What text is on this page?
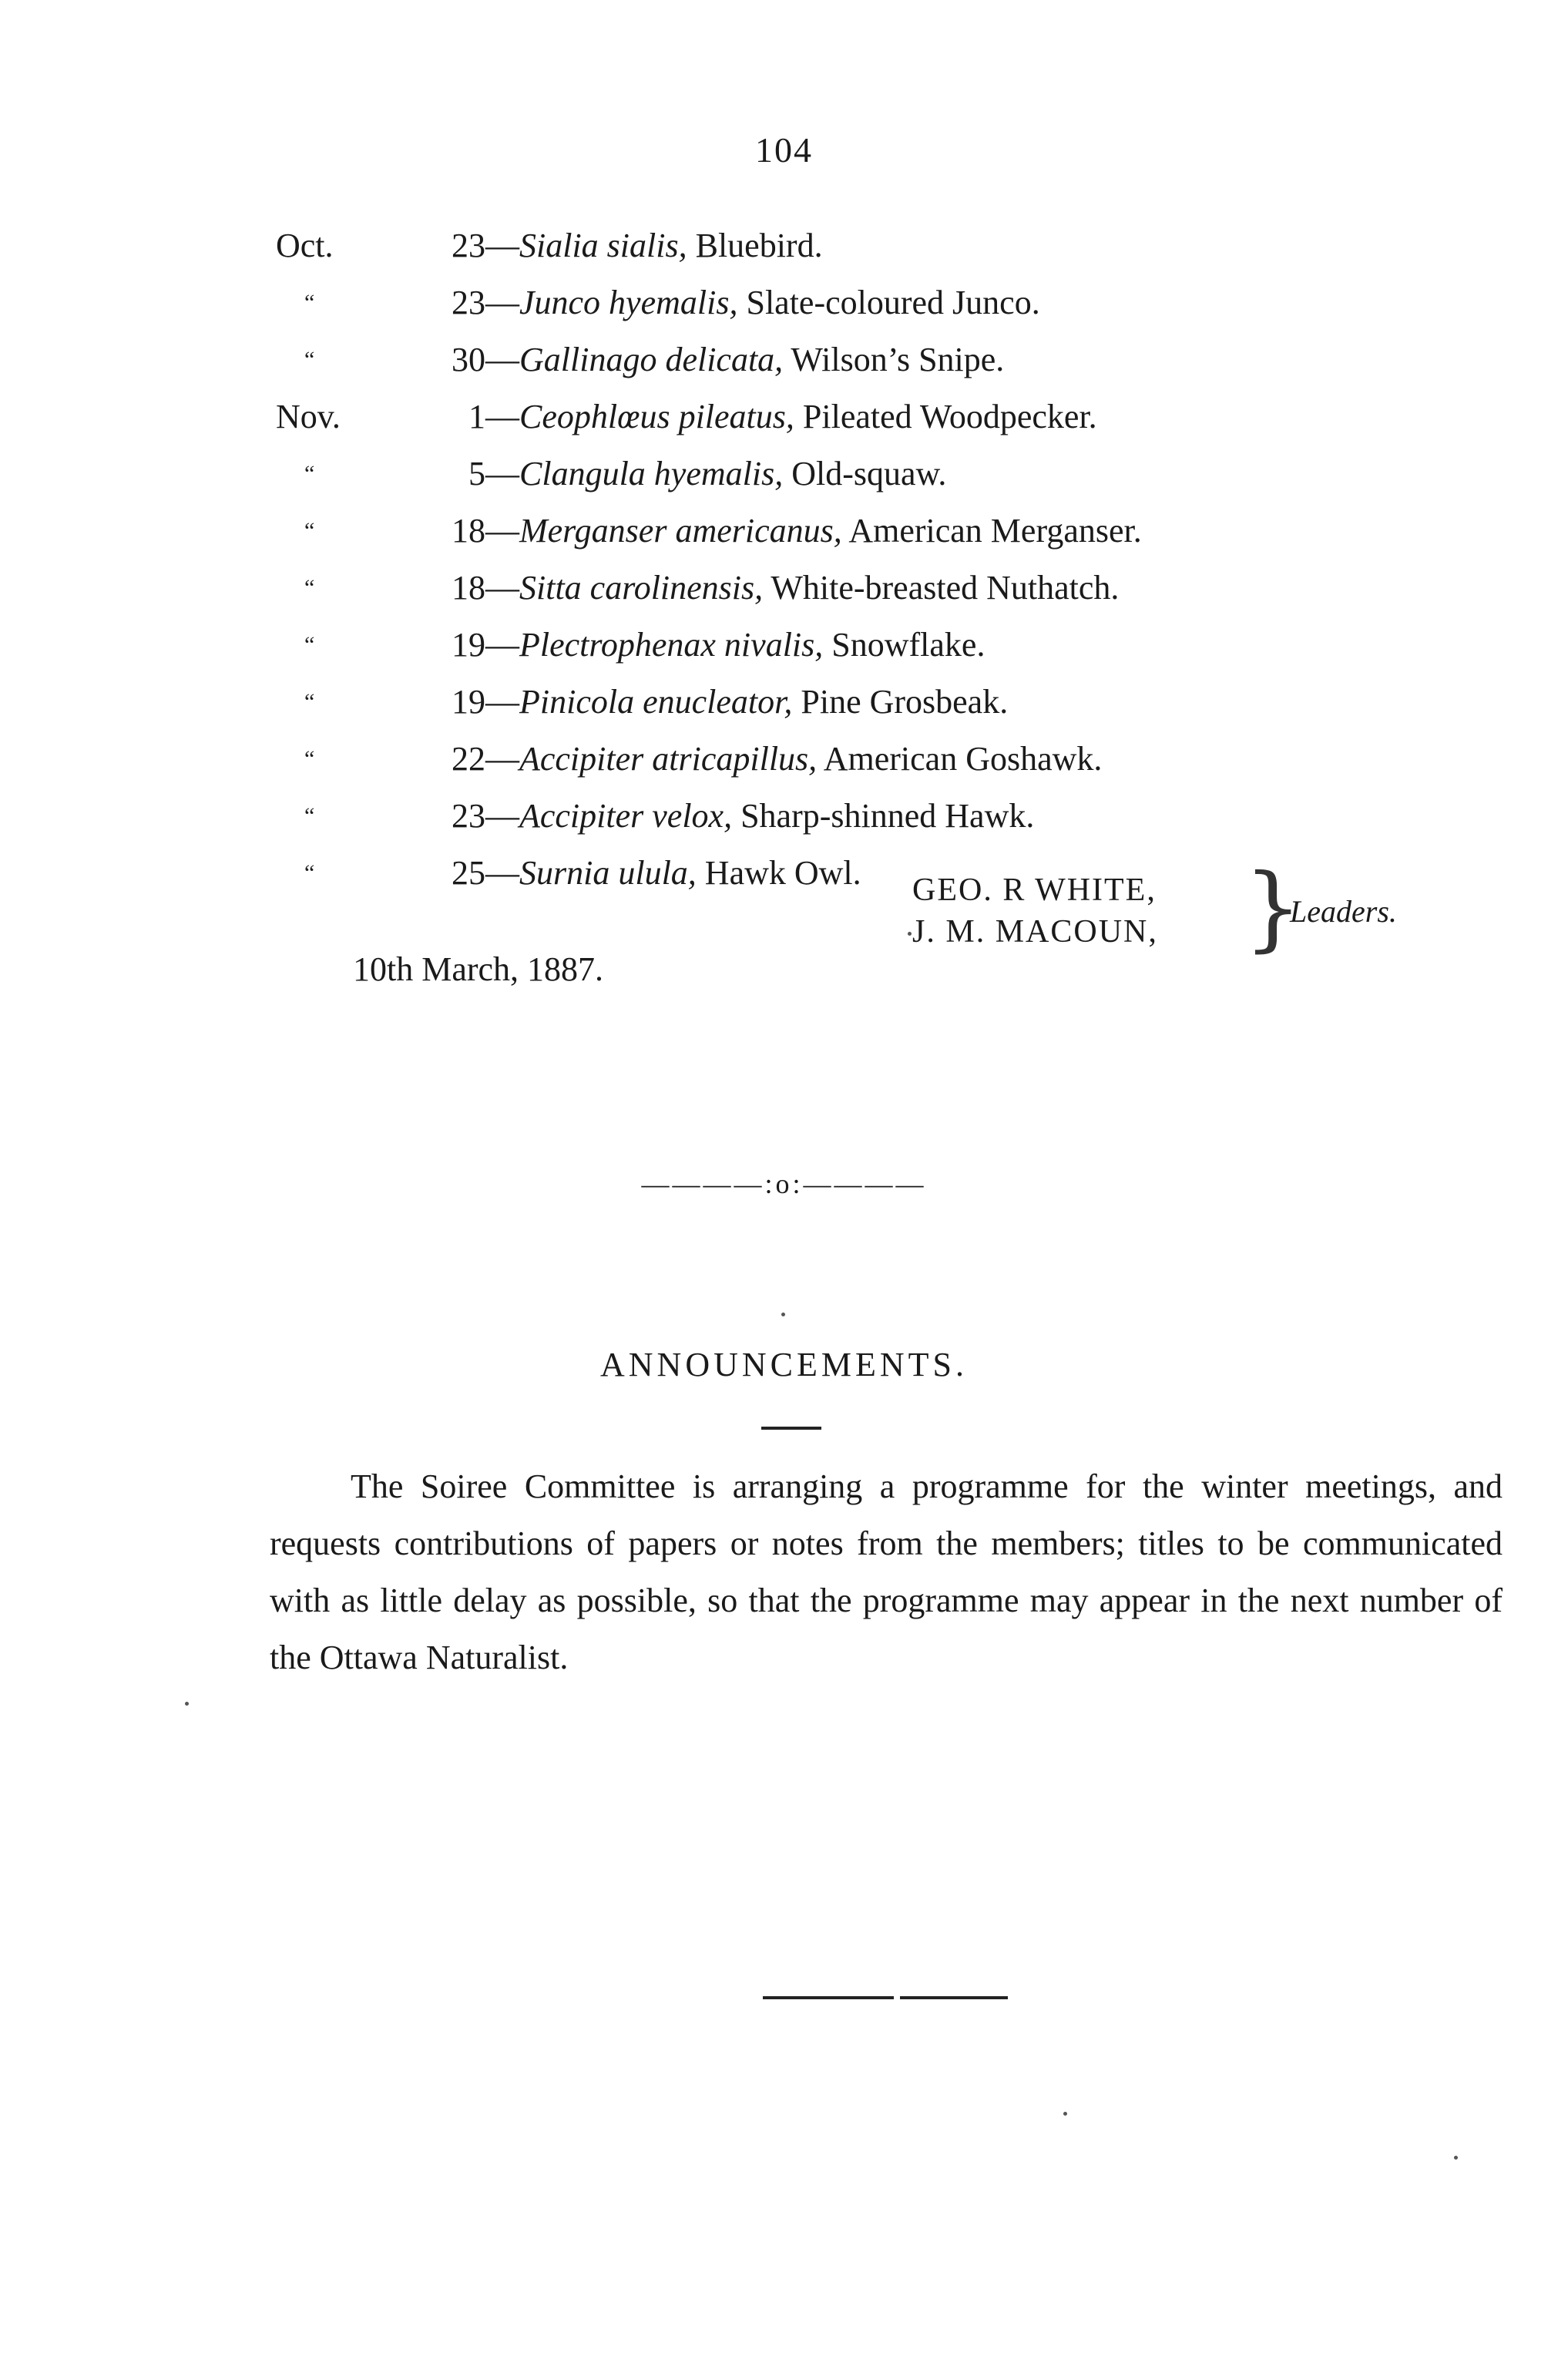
104
Oct.	23—Sialia sialis, Bluebird.
“	23—Junco hyemalis, Slate-coloured Junco.
“	30—Gallinago delicata, Wilson’s Snipe.
Nov.	1—Ceophlœus pileatus, Pileated Woodpecker.
“	5—Clangula hyemalis, Old-squaw.
“	18—Merganser americanus, American Merganser.
“	18—Sitta carolinensis, White-breasted Nuthatch.
“	19—Plectrophenax nivalis, Snowflake.
“	19—Pinicola enucleator, Pine Grosbeak.
“	22—Accipiter atricapillus, American Goshawk.
“	23—Accipiter velox, Sharp-shinned Hawk.
“	25—Surnia ulula, Hawk Owl. GEO. R WHITE,
J. M. MACOUN, }
Leaders.
10th March, 1887.
————:o:————
ANNOUNCEMENTS.

The Soiree Committee is arranging a programme for the winter meetings, and requests contributions of papers or notes from the members; titles to be communicated with as little delay as possible, so that the programme may appear in the next number of the Ottawa Naturalist.
